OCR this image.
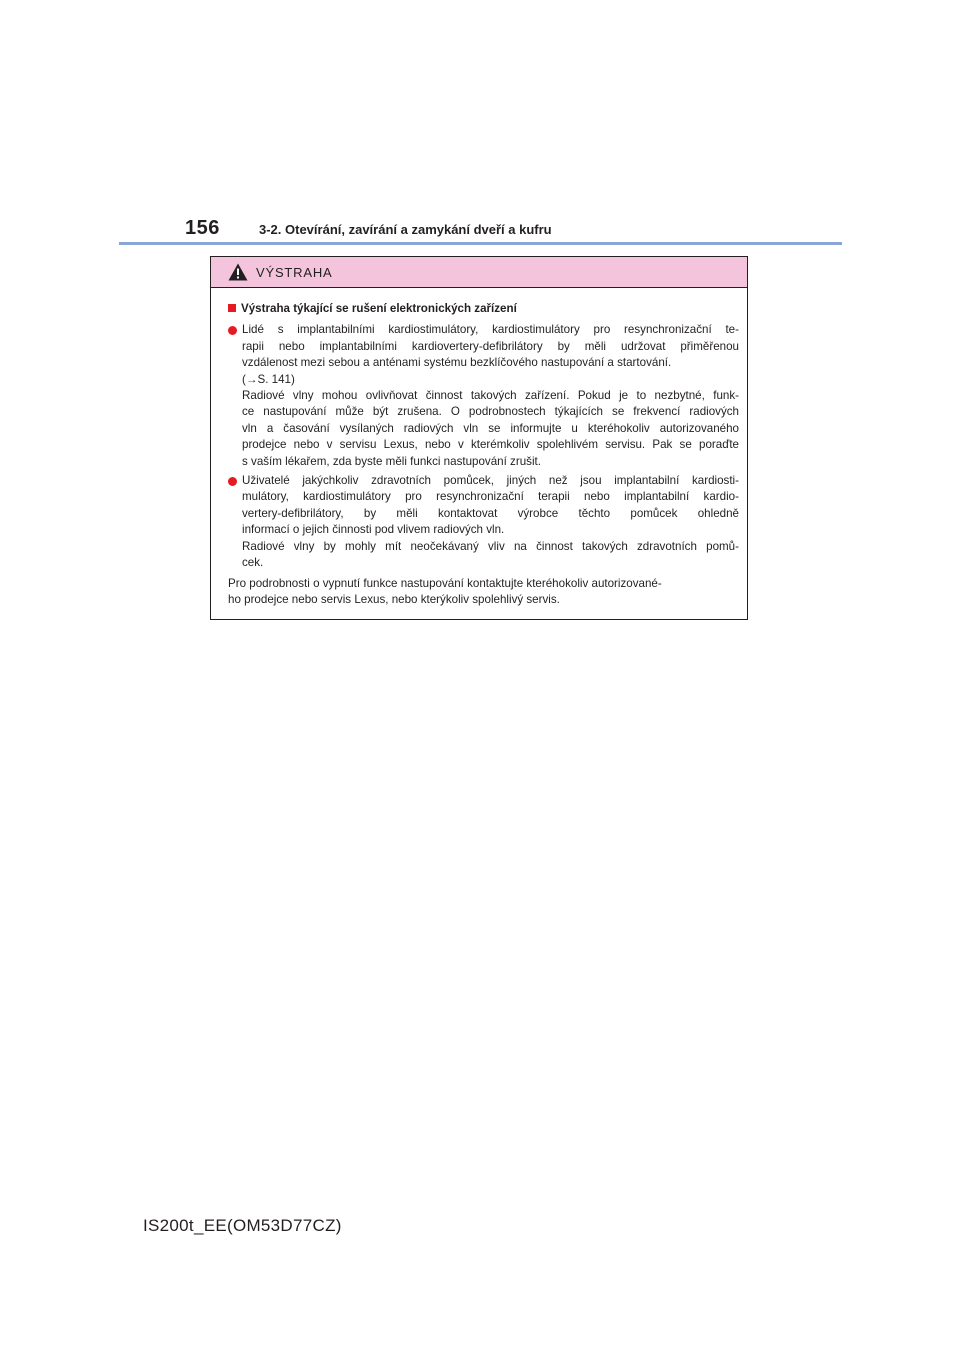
156	3-2. Otevírání, zavírání a zamykání dveří a kufru
VÝSTRAHA
Výstraha týkající se rušení elektronických zařízení
Lidé s implantabilními kardiostimulátory, kardiostimulátory pro resynchronizační te-
rapii nebo implantabilními kardiovertery-defibrilátory by měli udržovat přiměřenou
vzdálenost mezi sebou a anténami systému bezklíčového nastupování a startování.
(→S. 141)
Radiové vlny mohou ovlivňovat činnost takových zařízení. Pokud je to nezbytné, funk-
ce nastupování může být zrušena. O podrobnostech týkajících se frekvencí radiových
vln a časování vysílaných radiových vln se informujte u kteréhokoliv autorizovaného
prodejce nebo v servisu Lexus, nebo v kterémkoliv spolehlivém servisu. Pak se poraďte
s vaším lékařem, zda byste měli funkci nastupování zrušit.
Uživatelé jakýchkoliv zdravotních pomůcek, jiných než jsou implantabilní kardiosti-
mulátory, kardiostimulátory pro resynchronizační terapii nebo implantabilní kardio-
vertery-defibrilátory, by měli kontaktovat výrobce těchto pomůcek ohledně
informací o jejich činnosti pod vlivem radiových vln.
Radiové vlny by mohly mít neočekávaný vliv na činnost takových zdravotních pomů-
cek.
Pro podrobnosti o vypnutí funkce nastupování kontaktujte kteréhokoliv autorizované-
ho prodejce nebo servis Lexus, nebo kterýkoliv spolehlivý servis.
IS200t_EE(OM53D77CZ)
